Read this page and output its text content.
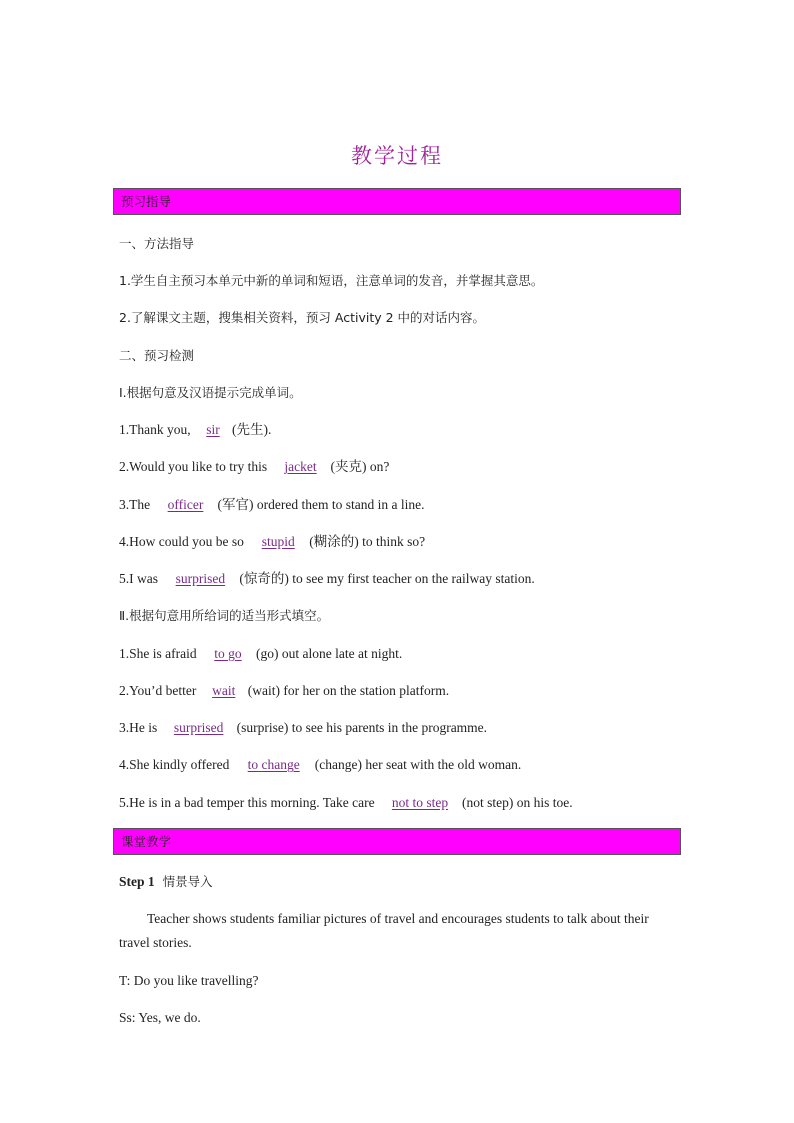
教学过程
预习指导
一、方法指导
1.学生自主预习本单元中新的单词和短语，注意单词的发音，并掌握其意思。
2.了解课文主题，搜集相关资料，预习 Activity 2 中的对话内容。
二、预习检测
Ⅰ.根据句意及汉语提示完成单词。
1.Thank you, sir (先生).
2.Would you like to try this jacket (夹克) on?
3.The officer (军官) ordered them to stand in a line.
4.How could you be so stupid (糊涂的) to think so?
5.I was surprised (惊奇的) to see my first teacher on the railway station.
Ⅱ.根据句意用所给词的适当形式填空。
1.She is afraid to go (go) out alone late at night.
2.You’d better wait (wait) for her on the station platform.
3.He is surprised (surprise) to see his parents in the programme.
4.She kindly offered to change (change) her seat with the old woman.
5.He is in a bad temper this morning. Take care not to step (not step) on his toe.
课堂教学
Step 1 情景导入
Teacher shows students familiar pictures of travel and encourages students to talk about their travel stories.
T: Do you like travelling?
Ss: Yes, we do.
